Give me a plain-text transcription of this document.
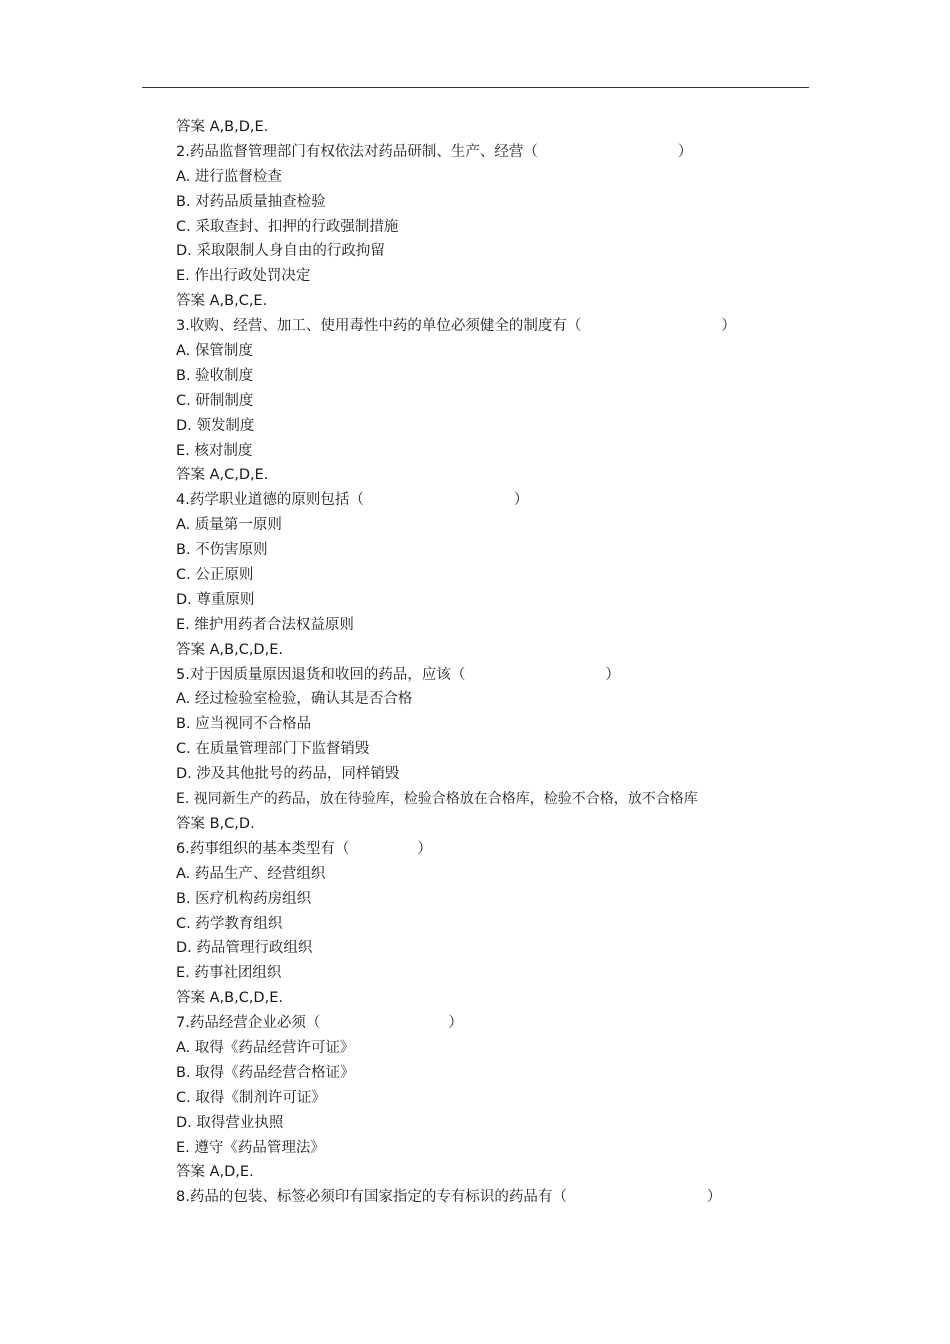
答案 A,B,D,E.
2.药品监督管理部门有权依法对药品研制、生产、经营（	）
A. 进行监督检查
B. 对药品质量抽查检验
C. 采取查封、扣押的行政强制措施
D. 采取限制人身自由的行政拘留
E. 作出行政处罚决定
答案 A,B,C,E.
3.收购、经营、加工、使用毒性中药的单位必须健全的制度有（	）
A. 保管制度
B. 验收制度
C. 研制制度
D. 领发制度
E. 核对制度
答案 A,C,D,E.
4.药学职业道德的原则包括（	）
A. 质量第一原则
B. 不伤害原则
C. 公正原则
D. 尊重原则
E. 维护用药者合法权益原则
答案 A,B,C,D,E.
5.对于因质量原因退货和收回的药品，应该（	）
A. 经过检验室检验，确认其是否合格
B. 应当视同不合格品
C. 在质量管理部门下监督销毁
D. 涉及其他批号的药品，同样销毁
E. 视同新生产的药品，放在待验库，检验合格放在合格库，检验不合格，放不合格库
答案 B,C,D.
6.药事组织的基本类型有（	）
A. 药品生产、经营组织
B. 医疗机构药房组织
C. 药学教育组织
D. 药品管理行政组织
E. 药事社团组织
答案 A,B,C,D,E.
7.药品经营企业必须（	）
A. 取得《药品经营许可证》
B. 取得《药品经营合格证》
C. 取得《制剂许可证》
D. 取得营业执照
E. 遵守《药品管理法》
答案 A,D,E.
8.药品的包装、标签必须印有国家指定的专有标识的药品有（	）
